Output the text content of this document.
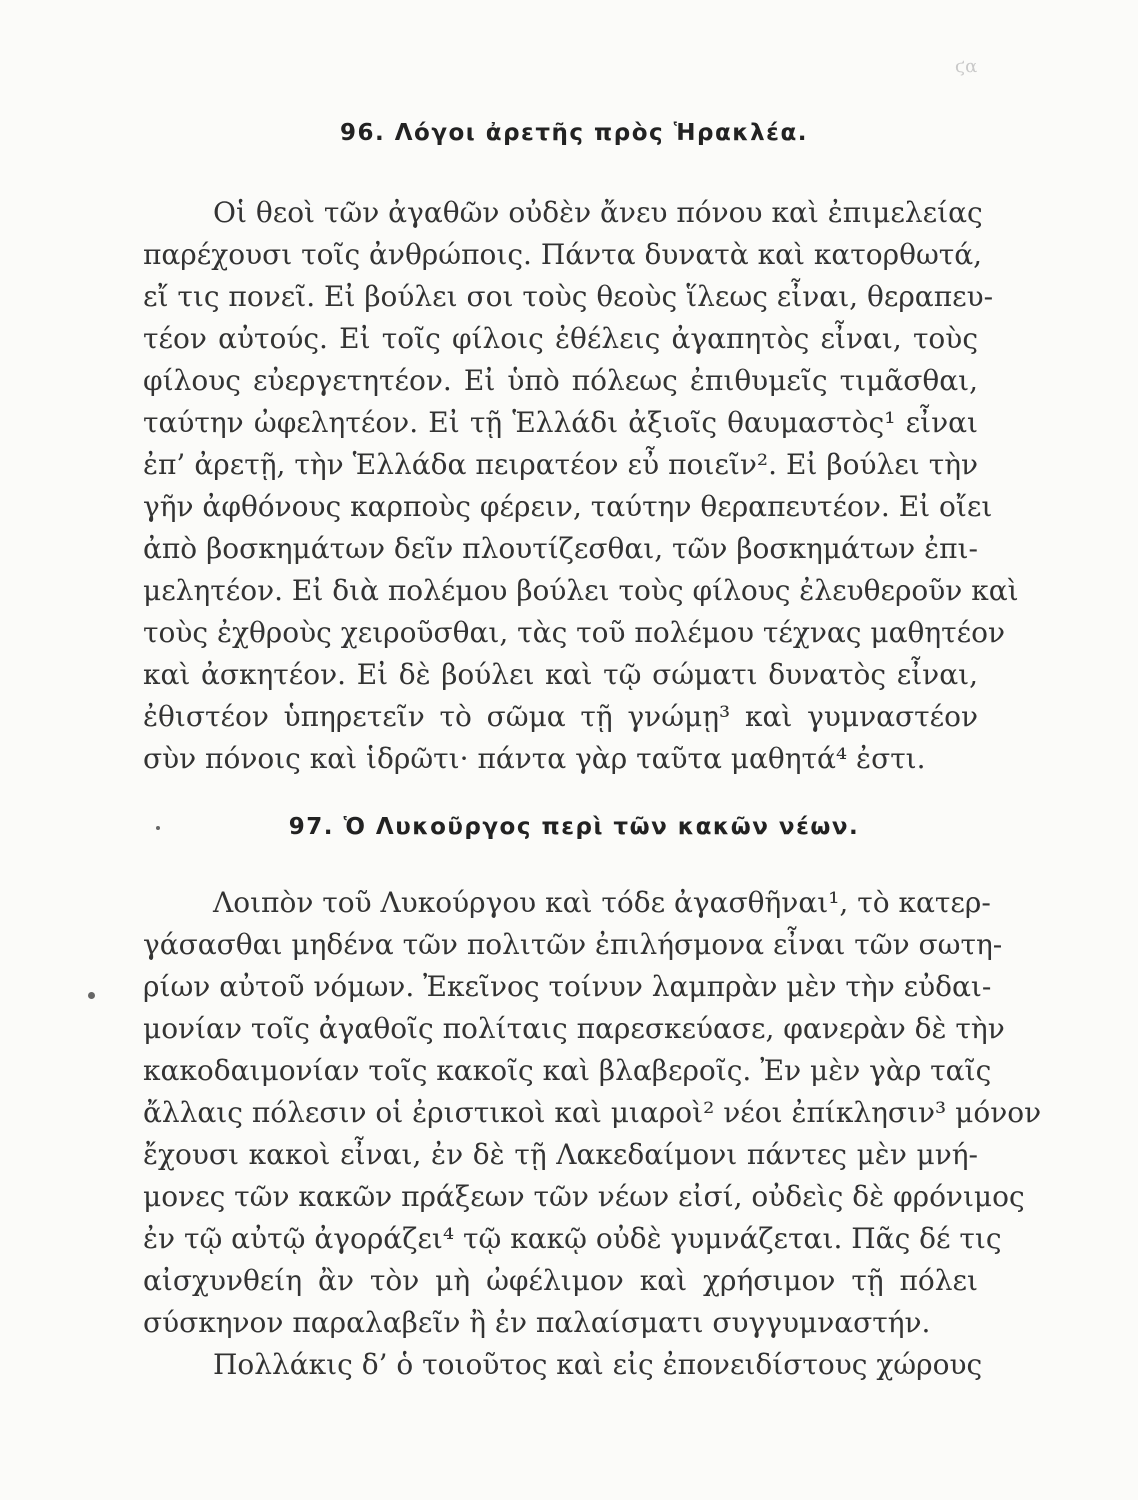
ϛα
96. Λόγοι ἀρετῆς πρὸς Ἡρακλέα.
Οἱ θεοὶ τῶν ἀγαθῶν οὐδὲν ἄνευ πόνου καὶ ἐπιμελείας
παρέχουσι τοῖς ἀνθρώποις. Πάντα δυνατὰ καὶ κατορθωτά,
εἴ τις πονεῖ. Εἰ βούλει σοι τοὺς θεοὺς ἵλεως εἶναι, θεραπευ-
τέον αὐτούς. Εἰ τοῖς φίλοις ἐθέλεις ἀγαπητὸς εἶναι, τοὺς
φίλους εὐεργετητέον. Εἰ ὑπὸ πόλεως ἐπιθυμεῖς τιμᾶσθαι,
ταύτην ὠφελητέον. Εἰ τῇ Ἑλλάδι ἀξιοῖς θαυμαστὸς¹ εἶναι
ἐπ’ ἀρετῇ, τὴν Ἑλλάδα πειρατέον εὖ ποιεῖν². Εἰ βούλει τὴν
γῆν ἀφθόνους καρποὺς φέρειν, ταύτην θεραπευτέον. Εἰ οἴει
ἀπὸ βοσκημάτων δεῖν πλουτίζεσθαι, τῶν βοσκημάτων ἐπι-
μελητέον. Εἰ διὰ πολέμου βούλει τοὺς φίλους ἐλευθεροῦν καὶ
τοὺς ἐχθροὺς χειροῦσθαι, τὰς τοῦ πολέμου τέχνας μαθητέον
καὶ ἀσκητέον. Εἰ δὲ βούλει καὶ τῷ σώματι δυνατὸς εἶναι,
ἐθιστέον ὑπηρετεῖν τὸ σῶμα τῇ γνώμῃ³ καὶ γυμναστέον
σὺν πόνοις καὶ ἱδρῶτι· πάντα γὰρ ταῦτα μαθητά⁴ ἐστι.
97. Ὁ Λυκοῦργος περὶ τῶν κακῶν νέων.
Λοιπὸν τοῦ Λυκούργου καὶ τόδε ἀγασθῆναι¹, τὸ κατερ-
γάσασθαι μηδένα τῶν πολιτῶν ἐπιλήσμονα εἶναι τῶν σωτη-
ρίων αὐτοῦ νόμων. Ἐκεῖνος τοίνυν λαμπρὰν μὲν τὴν εὐδαι-
μονίαν τοῖς ἀγαθοῖς πολίταις παρεσκεύασε, φανερὰν δὲ τὴν
κακοδαιμονίαν τοῖς κακοῖς καὶ βλαβεροῖς. Ἐν μὲν γὰρ ταῖς
ἄλλαις πόλεσιν οἱ ἐριστικοὶ καὶ μιαροὶ² νέοι ἐπίκλησιν³ μόνον
ἔχουσι κακοὶ εἶναι, ἐν δὲ τῇ Λακεδαίμονι πάντες μὲν μνή-
μονες τῶν κακῶν πράξεων τῶν νέων εἰσί, οὐδεὶς δὲ φρόνιμος
ἐν τῷ αὐτῷ ἀγοράζει⁴ τῷ κακῷ οὐδὲ γυμνάζεται. Πᾶς δέ τις
αἰσχυνθείη ἂν τὸν μὴ ὠφέλιμον καὶ χρήσιμον τῇ πόλει
σύσκηνον παραλαβεῖν ἢ ἐν παλαίσματι συγγυμναστήν.
Πολλάκις δ’ ὁ τοιοῦτος καὶ εἰς ἐπονειδίστους χώρους
